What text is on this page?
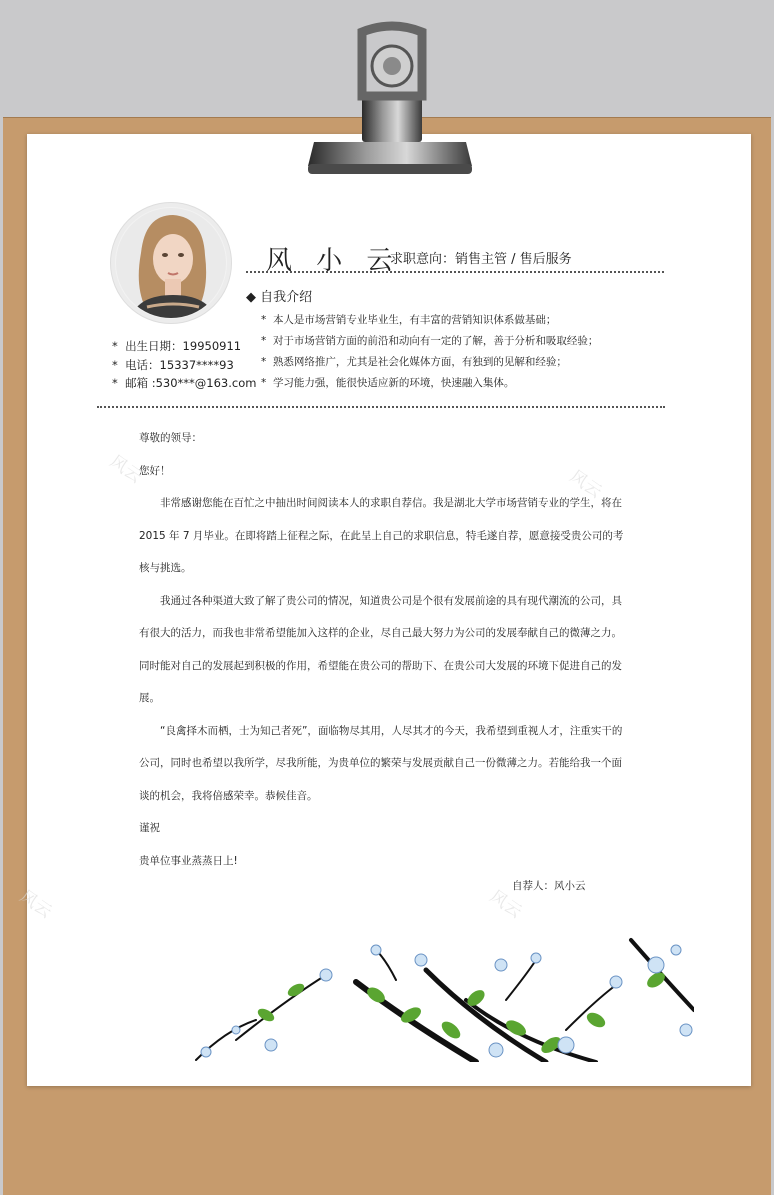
风 小 云
求职意向：销售主管 / 售后服务
◆ 自我介绍
*  本人是市场营销专业毕业生，有丰富的营销知识体系做基础；
*  对于市场营销方面的前沿和动向有一定的了解，善于分析和吸取经验；
*  熟悉网络推广，尤其是社会化媒体方面，有独到的见解和经验；
*  学习能力强，能很快适应新的环境，快速融入集体。
*  出生日期：19950911
*  电话：15337****93
*  邮箱 :530***@163.com

尊敬的领导：

您好！

非常感谢您能在百忙之中抽出时间阅读本人的求职自荐信。我是湖北大学市场营销专业的学生，将在

2015 年 7 月毕业。在即将踏上征程之际，在此呈上自己的求职信息，特毛遂自荐，愿意接受贵公司的考

核与挑选。

我通过各种渠道大致了解了贵公司的情况，知道贵公司是个很有发展前途的具有现代潮流的公司，具

有很大的活力，而我也非常希望能加入这样的企业，尽自己最大努力为公司的发展奉献自己的微薄之力。

同时能对自己的发展起到积极的作用，希望能在贵公司的帮助下、在贵公司大发展的环境下促进自己的发

展。

“良禽择木而栖，士为知己者死”，面临物尽其用，人尽其才的今天，我希望到重视人才，注重实干的

公司，同时也希望以我所学，尽我所能，为贵单位的繁荣与发展贡献自己一份微薄之力。若能给我一个面

谈的机会，我将倍感荣幸。恭候佳音。

谨祝

贵单位事业蒸蒸日上!

自荐人：风小云
风云	风云
风云	风云
